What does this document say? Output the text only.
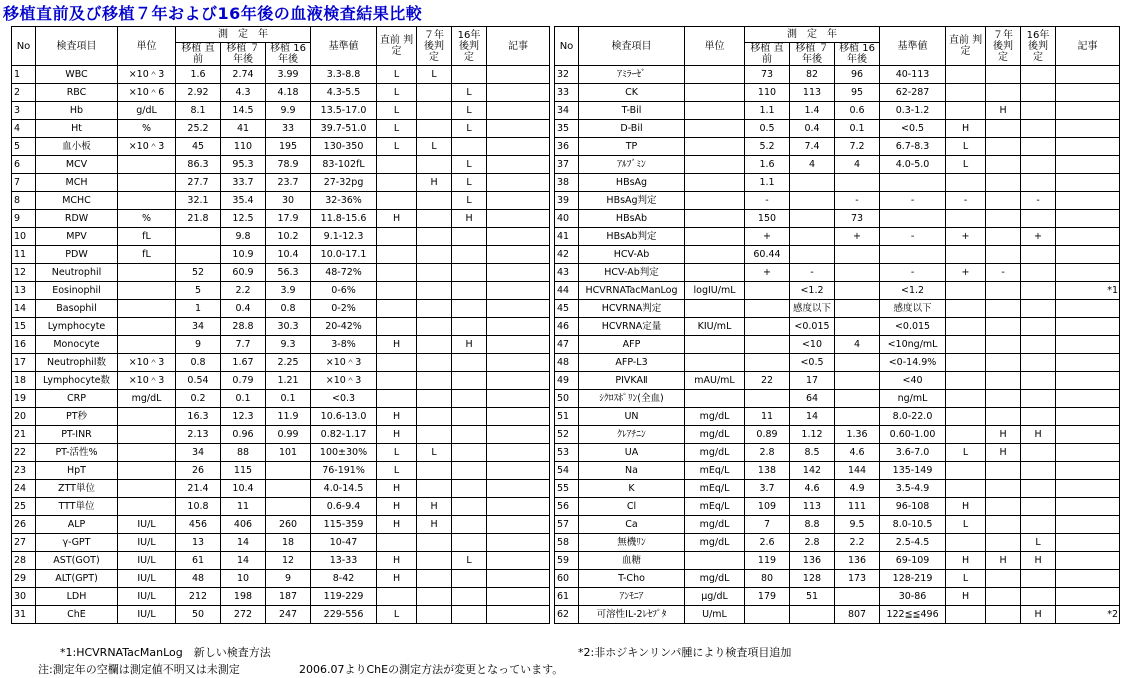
移植直前及び移植７年および16年後の血液検査結果比較
No	検査項目	単位	測　定　年			基準値	直前 判定	７年 後判 定	16年 後判 定	記事
			移植 直前	移植 ７年後	移植 16年後					

1	WBC	×10＾3	1.6	2.74	3.99	3.3-8.8	L	L		
2	RBC	×10＾6	2.92	4.3	4.18	4.3-5.5	L		L	
3	Hb	g/dL	8.1	14.5	9.9	13.5-17.0	L		L	
4	Ht	%	25.2	41	33	39.7-51.0	L		L	
5	血小板	×10＾3	45	110	195	130-350	L	L		
6	MCV		86.3	95.3	78.9	83-102fL			L	
7	MCH		27.7	33.7	23.7	27-32pg		H	L	
8	MCHC		32.1	35.4	30	32-36%			L	
9	RDW	%	21.8	12.5	17.9	11.8-15.6	H		H	
10	MPV	fL		9.8	10.2	9.1-12.3				
11	PDW	fL		10.9	10.4	10.0-17.1				
12	Neutrophil		52	60.9	56.3	48-72%				
13	Eosinophil		5	2.2	3.9	0-6%				
14	Basophil		1	0.4	0.8	0-2%				
15	Lymphocyte		34	28.8	30.3	20-42%				
16	Monocyte		9	7.7	9.3	3-8%	H		H	
17	Neutrophil数	×10＾3	0.8	1.67	2.25	×10＾3				
18	Lymphocyte数	×10＾3	0.54	0.79	1.21	×10＾3				
19	CRP	mg/dL	0.2	0.1	0.1	<0.3				
20	PT秒		16.3	12.3	11.9	10.6-13.0	H			
21	PT-INR		2.13	0.96	0.99	0.82-1.17	H			
22	PT-活性%		34	88	101	100±30%	L	L		
23	HpT		26	115		76-191%	L			
24	ZTT単位		21.4	10.4		4.0-14.5	H			
25	TTT単位		10.8	11		0.6-9.4	H	H		
26	ALP	IU/L	456	406	260	115-359	H	H		
27	γ-GPT	IU/L	13	14	18	10-47				
28	AST(GOT)	IU/L	61	14	12	13-33	H		L	
29	ALT(GPT)	IU/L	48	10	9	8-42	H			
30	LDH	IU/L	212	198	187	119-229				
31	ChE	IU/L	50	272	247	229-556	L			
No	検査項目	単位	測　定　年			基準値	直前 判定	７年 後判 定	16年 後判 定	記事
			移植 直前	移植 ７年後	移植 16年後					

32	ｱﾐﾗｰｾﾞ		73	82	96	40-113				
33	CK		110	113	95	62-287				
34	T-Bil		1.1	1.4	0.6	0.3-1.2		H		
35	D-Bil		0.5	0.4	0.1	<0.5	H			
36	TP		5.2	7.4	7.2	6.7-8.3	L			
37	ｱﾙﾌﾞﾐﾝ		1.6	4	4	4.0-5.0	L			
38	HBsAg		1.1							
39	HBsAg判定		-		-	-	-		-	
40	HBsAb		150		73					
41	HBsAb判定		+		+	-	+		+	
42	HCV-Ab		60.44							
43	HCV-Ab判定		+	-		-	+	-		
44	HCVRNATacManLog	logIU/mL		<1.2		<1.2				*1
45	HCVRNA判定			感度以下		感度以下				
46	HCVRNA定量	KIU/mL		<0.015		<0.015				
47	AFP			<10	4	<10ng/mL				
48	AFP-L3			<0.5		<0-14.9%				
49	PIVKAⅡ	mAU/mL	22	17		<40				
50	ｼｸﾛｽﾎﾟﾘﾝ(全血)			64		ng/mL				
51	UN	mg/dL	11	14		8.0-22.0				
52	ｸﾚｱﾁﾆﾝ	mg/dL	0.89	1.12	1.36	0.60-1.00		H	H	
53	UA	mg/dL	2.8	8.5	4.6	3.6-7.0	L	H		
54	Na	mEq/L	138	142	144	135-149				
55	K	mEq/L	3.7	4.6	4.9	3.5-4.9				
56	Cl	mEq/L	109	113	111	96-108	H			
57	Ca	mg/dL	7	8.8	9.5	8.0-10.5	L			
58	無機ﾘﾝ	mg/dL	2.6	2.8	2.2	2.5-4.5			L	
59	血糖		119	136	136	69-109	H	H	H	
60	T-Cho	mg/dL	80	128	173	128-219	L			
61	ｱﾝﾓﾆｱ	μg/dL	179	51		30-86	H			
62	可溶性IL-2ﾚｾﾌﾟﾀ	U/mL			807	122≦≦496			H	*2
*1:HCVRNATacManLog　新しい検査方法	*2:非ホジキンリンパ腫により検査項目追加
注:測定年の空欄は測定値不明又は未測定	2006.07よりChEの測定方法が変更となっています。
